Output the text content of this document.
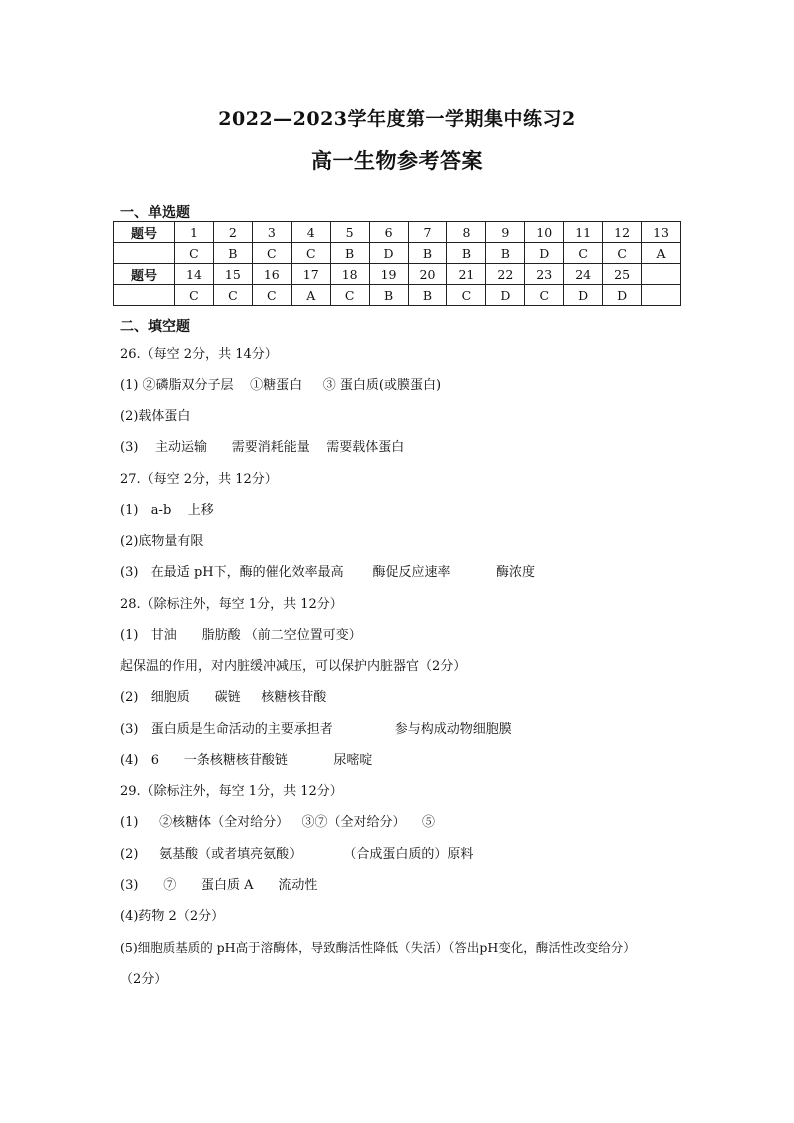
2022—2023学年度第一学期集中练习2
高一生物参考答案
一、单选题
题号	1	2	3	4	5	6	7	8	9	10	11	12	13
	C	B	C	C	B	D	B	B	B	D	C	C	A
题号	14	15	16	17	18	19	20	21	22	23	24	25	
	C	C	C	A	C	B	B	C	D	C	D	D	
二、填空题
26.（每空 2分，共 14分）
(1) ②磷脂双分子层    ①糖蛋白     ③ 蛋白质(或膜蛋白)
(2)载体蛋白
(3)    主动运输      需要消耗能量    需要载体蛋白
27.（每空 2分，共 12分）
(1)   a-b    上移
(2)底物量有限
(3)   在最适 pH下，酶的催化效率最高       酶促反应速率           酶浓度
28.（除标注外，每空 1分，共 12分）
(1)   甘油      脂肪酸 （前二空位置可变）
起保温的作用，对内脏缓冲减压，可以保护内脏器官（2分）
(2)   细胞质      碳链     核糖核苷酸
(3)   蛋白质是生命活动的主要承担者               参与构成动物细胞膜
(4)   6      一条核糖核苷酸链           尿嘧啶
29.（除标注外，每空 1分，共 12分）
(1)     ②核糖体（全对给分）   ③⑦（全对给分）    ⑤
(2)     氨基酸（或者填亮氨酸）          （合成蛋白质的）原料
(3)      ⑦      蛋白质 A      流动性
(4)药物 2（2分）
(5)细胞质基质的 pH高于溶酶体，导致酶活性降低（失活）（答出pH变化，酶活性改变给分）
（2分）
